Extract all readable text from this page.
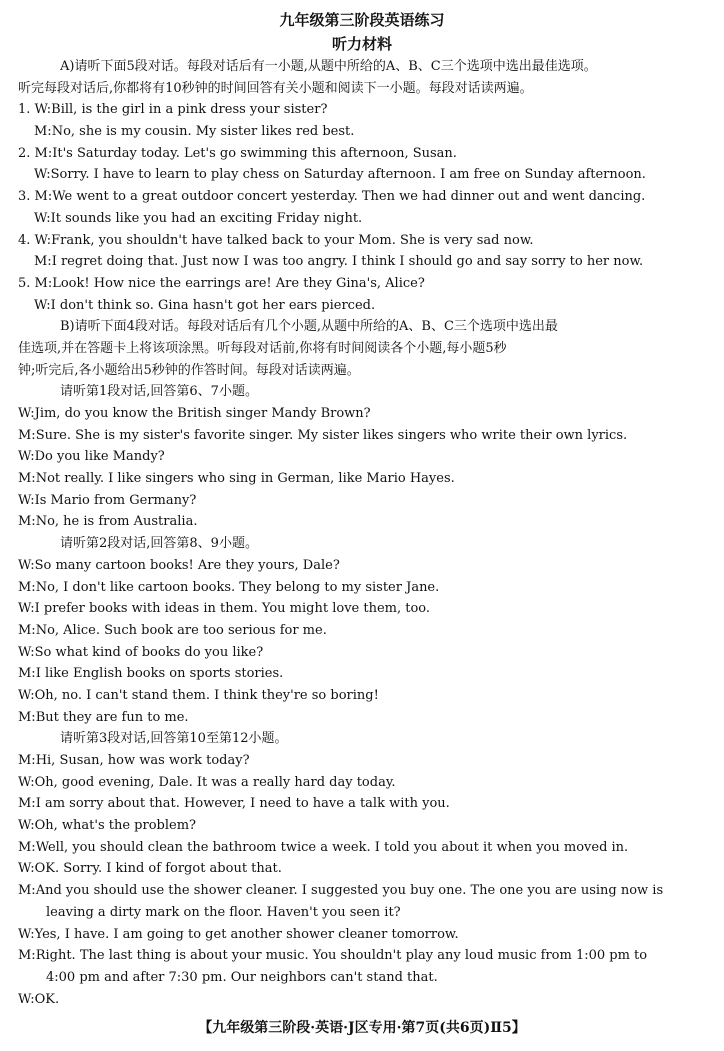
九年级第三阶段英语练习
听力材料
A)请听下面5段对话。每段对话后有一小题,从题中所给的A、B、C三个选项中选出最佳选项。
听完每段对话后,你都将有10秒钟的时间回答有关小题和阅读下一小题。每段对话读两遍。
1. W:Bill, is the girl in a pink dress your sister?
M:No, she is my cousin. My sister likes red best.
2. M:It's Saturday today. Let's go swimming this afternoon, Susan.
W:Sorry. I have to learn to play chess on Saturday afternoon. I am free on Sunday afternoon.
3. M:We went to a great outdoor concert yesterday. Then we had dinner out and went dancing.
W:It sounds like you had an exciting Friday night.
4. W:Frank, you shouldn't have talked back to your Mom. She is very sad now.
M:I regret doing that. Just now I was too angry. I think I should go and say sorry to her now.
5. M:Look! How nice the earrings are! Are they Gina's, Alice?
W:I don't think so. Gina hasn't got her ears pierced.
B)请听下面4段对话。每段对话后有几个小题,从题中所给的A、B、C三个选项中选出最
佳选项,并在答题卡上将该项涂黑。听每段对话前,你将有时间阅读各个小题,每小题5秒
钟;听完后,各小题给出5秒钟的作答时间。每段对话读两遍。
请听第1段对话,回答第6、7小题。
W:Jim, do you know the British singer Mandy Brown?
M:Sure. She is my sister's favorite singer. My sister likes singers who write their own lyrics.
W:Do you like Mandy?
M:Not really. I like singers who sing in German, like Mario Hayes.
W:Is Mario from Germany?
M:No, he is from Australia.
请听第2段对话,回答第8、9小题。
W:So many cartoon books! Are they yours, Dale?
M:No, I don't like cartoon books. They belong to my sister Jane.
W:I prefer books with ideas in them. You might love them, too.
M:No, Alice. Such book are too serious for me.
W:So what kind of books do you like?
M:I like English books on sports stories.
W:Oh, no. I can't stand them. I think they're so boring!
M:But they are fun to me.
请听第3段对话,回答第10至第12小题。
M:Hi, Susan, how was work today?
W:Oh, good evening, Dale. It was a really hard day today.
M:I am sorry about that. However, I need to have a talk with you.
W:Oh, what's the problem?
M:Well, you should clean the bathroom twice a week. I told you about it when you moved in.
W:OK. Sorry. I kind of forgot about that.
M:And you should use the shower cleaner. I suggested you buy one. The one you are using now is
leaving a dirty mark on the floor. Haven't you seen it?
W:Yes, I have. I am going to get another shower cleaner tomorrow.
M:Right. The last thing is about your music. You shouldn't play any loud music from 1:00 pm to
4:00 pm and after 7:30 pm. Our neighbors can't stand that.
W:OK.
【九年级第三阶段·英语·J区专用·第7页(共6页)Ⅱ5】
